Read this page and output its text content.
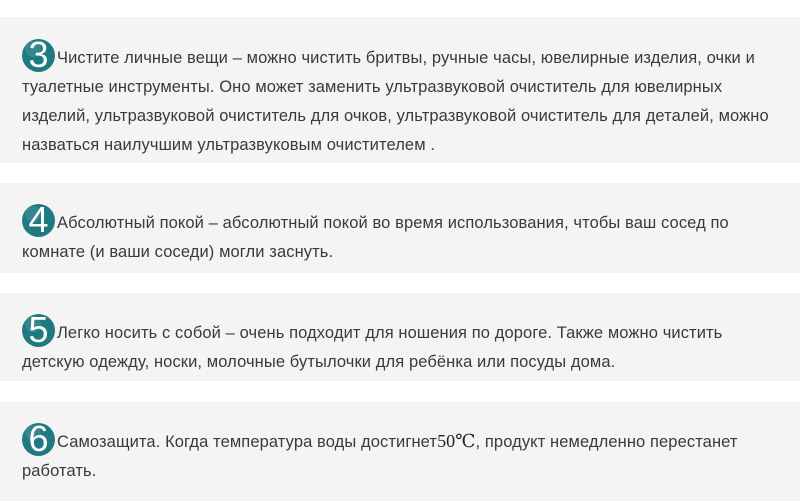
3 Чистите личные вещи – можно чистить бритвы, ручные часы, ювелирные изделия, очки и туалетные инструменты. Оно может заменить ультразвуковой очиститель для ювелирных изделий, ультразвуковой очиститель для очков, ультразвуковой очиститель для деталей, можно назваться наилучшим ультразвуковым очистителем .
4 Абсолютный покой – абсолютный покой во время использования, чтобы ваш сосед по комнате (и ваши соседи) могли заснуть.
5 Легко носить с собой – очень подходит для ношения по дороге. Также можно чистить детскую одежду, носки, молочные бутылочки для ребёнка или посуды дома.
6 Самозащита. Когда температура воды достигнет50℃, продукт немедленно перестанет работать.
